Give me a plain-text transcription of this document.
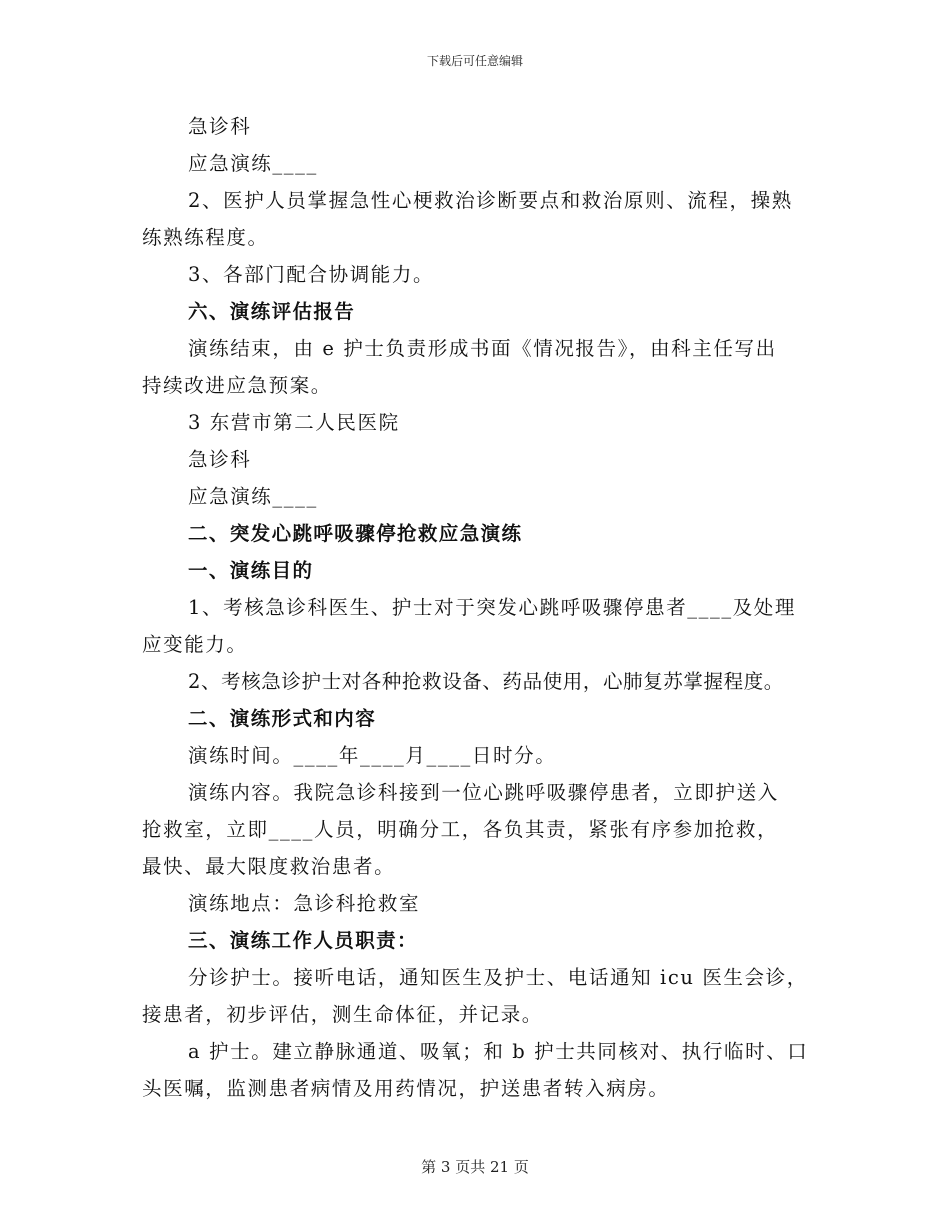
下载后可任意编辑
急诊科
应急演练____
2、医护人员掌握急性心梗救治诊断要点和救治原则、流程，操熟
练熟练程度。
3、各部门配合协调能力。
六、演练评估报告
演练结束，由 e 护士负责形成书面《情况报告》，由科主任写出
持续改进应急预案。
3 东营市第二人民医院
急诊科
应急演练____
二、突发心跳呼吸骤停抢救应急演练
一、演练目的
1、考核急诊科医生、护士对于突发心跳呼吸骤停患者____及处理
应变能力。
2、考核急诊护士对各种抢救设备、药品使用，心肺复苏掌握程度。
二、演练形式和内容
演练时间。____年____月____日时分。
演练内容。我院急诊科接到一位心跳呼吸骤停患者，立即护送入
抢救室，立即____人员，明确分工，各负其责，紧张有序参加抢救，
最快、最大限度救治患者。
演练地点：急诊科抢救室
三、演练工作人员职责：
分诊护士。接听电话，通知医生及护士、电话通知 icu 医生会诊，
接患者，初步评估，测生命体征，并记录。
a 护士。建立静脉通道、吸氧；和 b 护士共同核对、执行临时、口
头医嘱，监测患者病情及用药情况，护送患者转入病房。
第 3 页共 21 页
